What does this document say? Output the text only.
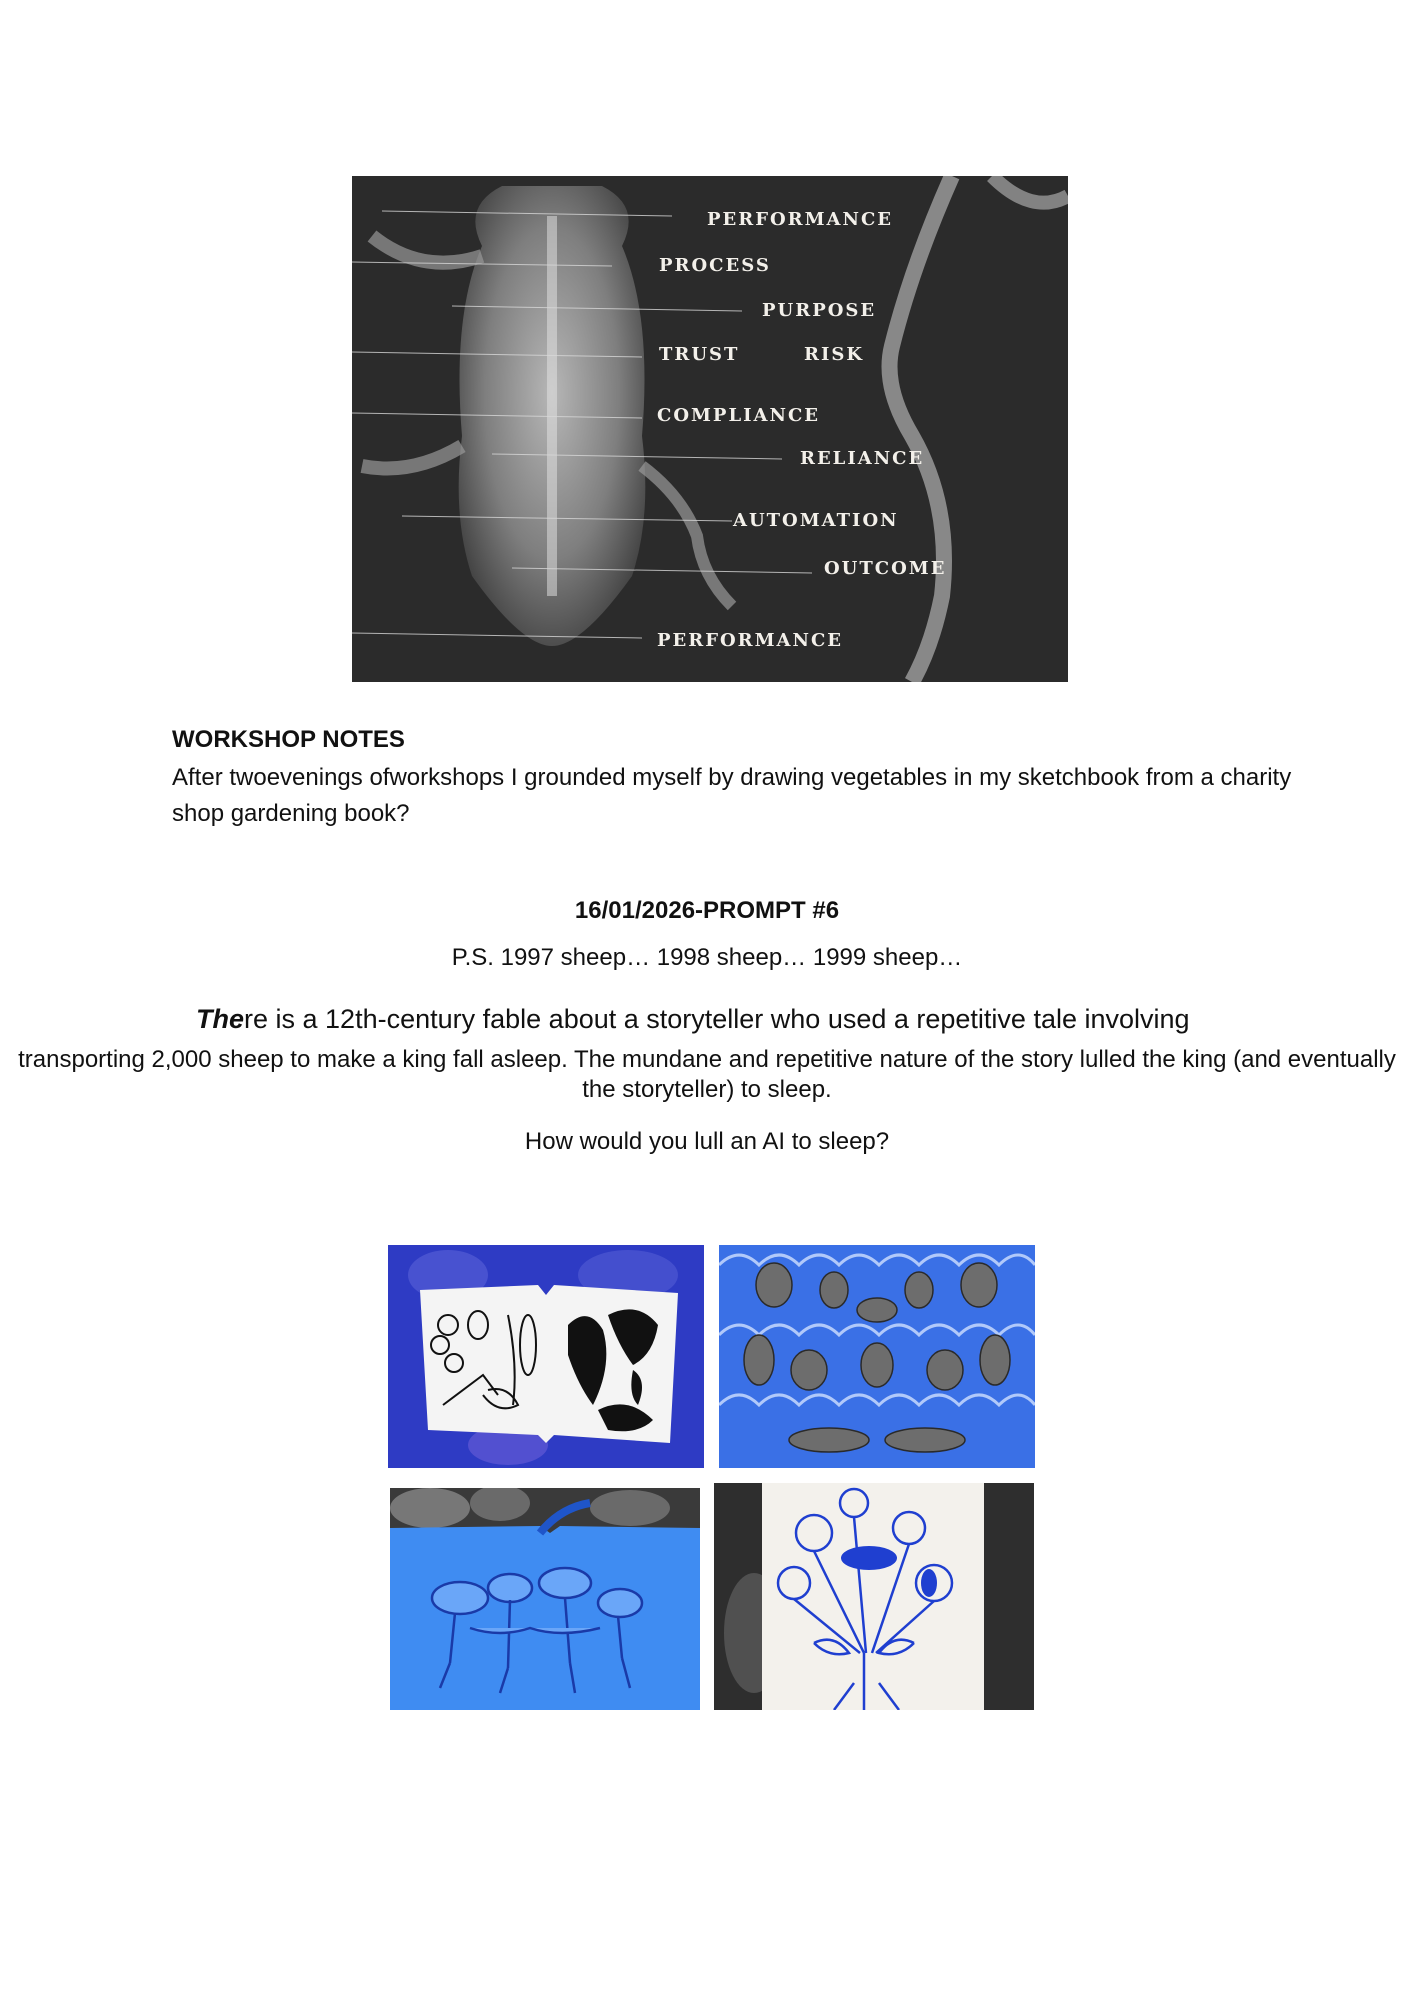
PERFORMANCE
PROCESS
PURPOSE
TRUST	RISK
COMPLIANCE
RELIANCE
AUTOMATION
OUTCOME
PERFORMANCE
WORKSHOP NOTES
After twoevenings ofworkshops I grounded myself by drawing vegetables in my sketchbook from a charity shop gardening book?
16/01/2026-PROMPT #6
P.S. 1997 sheep… 1998 sheep… 1999 sheep…
There is a 12th-century fable about a storyteller who used a repetitive tale involving
transporting 2,000 sheep to make a king fall asleep. The mundane and repetitive nature of the story lulled the king (and eventually the storyteller) to sleep.
How would you lull an AI to sleep?
